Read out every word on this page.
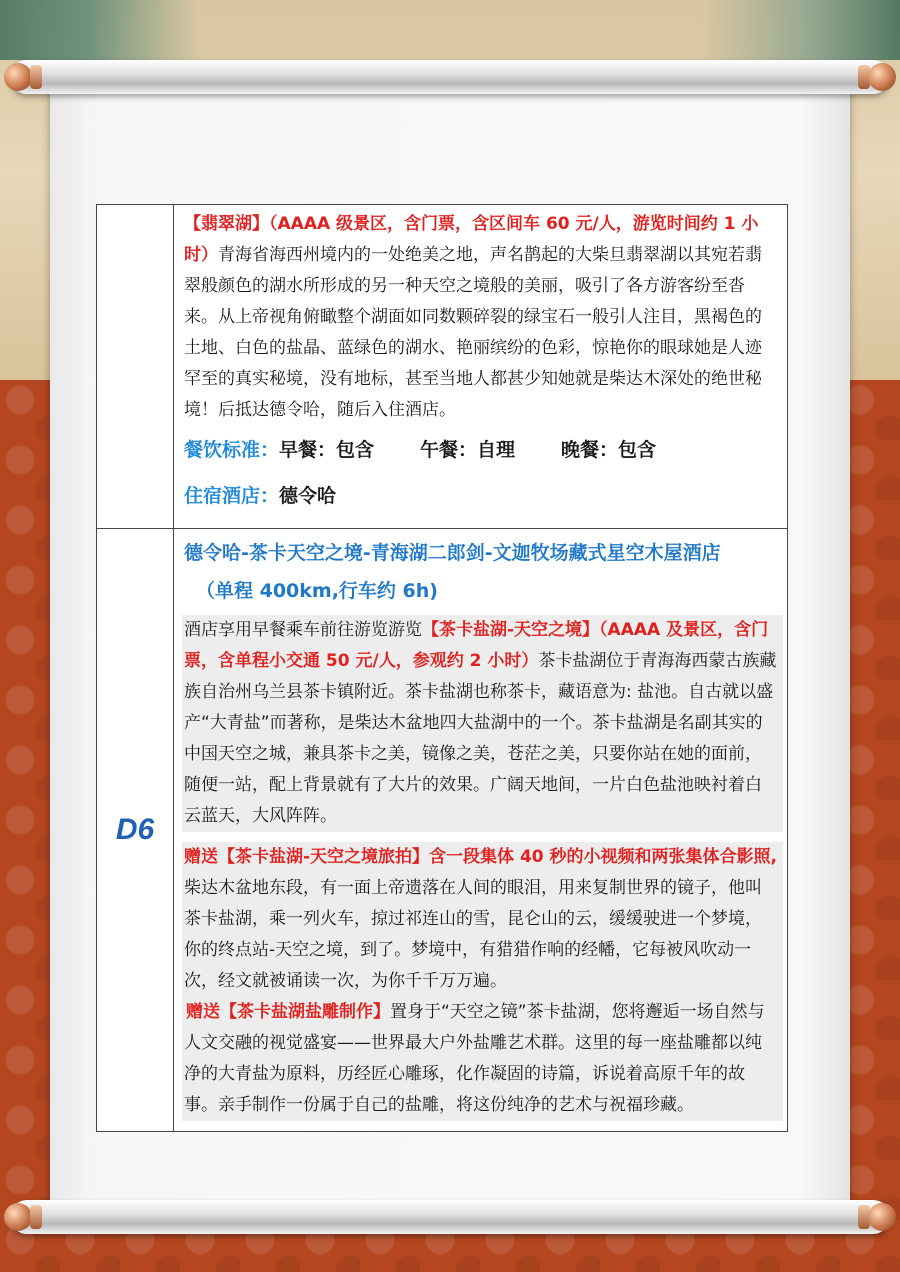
	【翡翠湖】（AAAA 级景区，含门票，含区间车 60 元/人，游览时间约 1 小时）青海省海西州境内的一处绝美之地，声名鹊起的大柴旦翡翠湖以其宛若翡翠般颜色的湖水所形成的另一种天空之境般的美丽，吸引了各方游客纷至沓来。从上帝视角俯瞰整个湖面如同数颗碎裂的绿宝石一般引人注目，黑褐色的土地、白色的盐晶、蓝绿色的湖水、艳丽缤纷的色彩，惊艳你的眼球她是人迹罕至的真实秘境，没有地标，甚至当地人都甚少知她就是柴达木深处的绝世秘境！后抵达德令哈，随后入住酒店。

餐饮标准：早餐：包含 午餐：自理 晚餐：包含

住宿酒店：德令哈

D6	德令哈-茶卡天空之境-青海湖二郎剑-文迦牧场藏式星空木屋酒店

（单程 400km,行车约 6h)

酒店享用早餐乘车前往游览游览【茶卡盐湖-天空之境】（AAAA 及景区，含门票，含单程小交通 50 元/人，参观约 2 小时）茶卡盐湖位于青海海西蒙古族藏族自治州乌兰县茶卡镇附近。茶卡盐湖也称茶卡，藏语意为: 盐池。自古就以盛产“大青盐”而著称，是柴达木盆地四大盐湖中的一个。茶卡盐湖是名副其实的中国天空之城，兼具茶卡之美，镜像之美，苍茫之美，只要你站在她的面前，随便一站，配上背景就有了大片的效果。广阔天地间，一片白色盐池映衬着白云蓝天，大风阵阵。
赠送【茶卡盐湖-天空之境旅拍】含一段集体 40 秒的小视频和两张集体合影照,柴达木盆地东段，有一面上帝遗落在人间的眼泪，用来复制世界的镜子，他叫茶卡盐湖，乘一列火车，掠过祁连山的雪，昆仑山的云，缓缓驶进一个梦境，你的终点站-天空之境，到了。梦境中，有猎猎作响的经幡，它每被风吹动一次，经文就被诵读一次，为你千千万万遍。
赠送【茶卡盐湖盐雕制作】置身于“天空之镜”茶卡盐湖，您将邂逅一场自然与人文交融的视觉盛宴——世界最大户外盐雕艺术群。这里的每一座盐雕都以纯净的大青盐为原料，历经匠心雕琢，化作凝固的诗篇，诉说着高原千年的故事。亲手制作一份属于自己的盐雕，将这份纯净的艺术与祝福珍藏。
